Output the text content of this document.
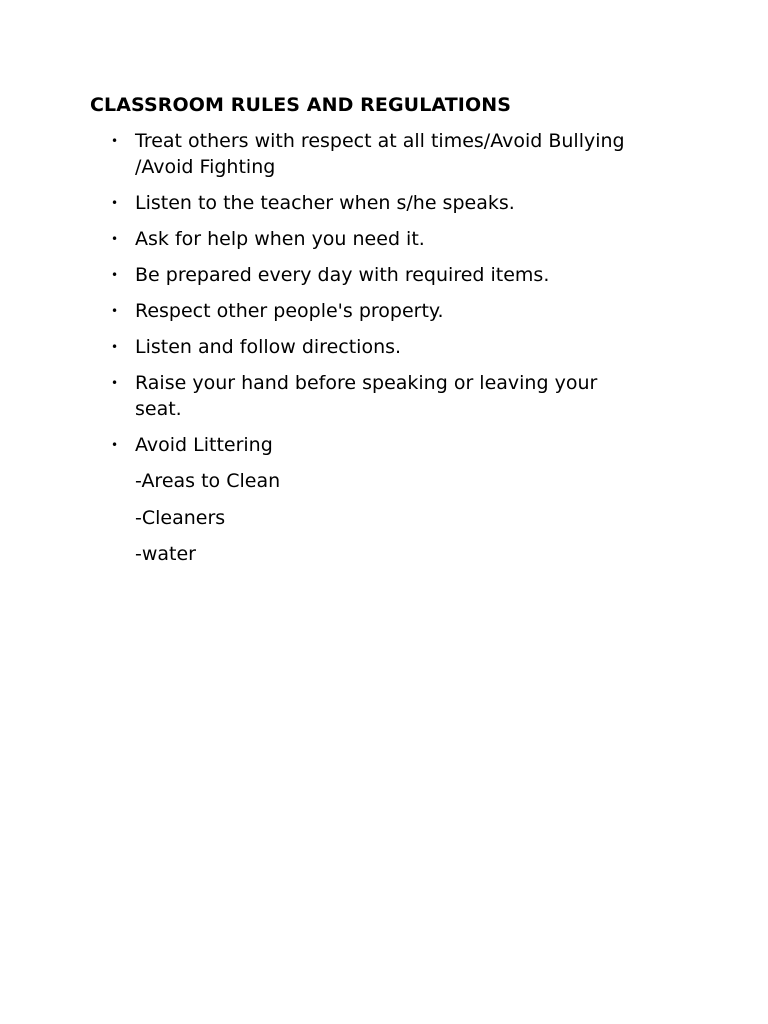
CLASSROOM RULES AND REGULATIONS
• Treat others with respect at all times/Avoid Bullying /Avoid Fighting
• Listen to the teacher when s/he speaks.
• Ask for help when you need it.
• Be prepared every day with required items.
• Respect other people's property.
• Listen and follow directions.
• Raise your hand before speaking or leaving your seat.
• Avoid Littering
-Areas to Clean
-Cleaners
-water
